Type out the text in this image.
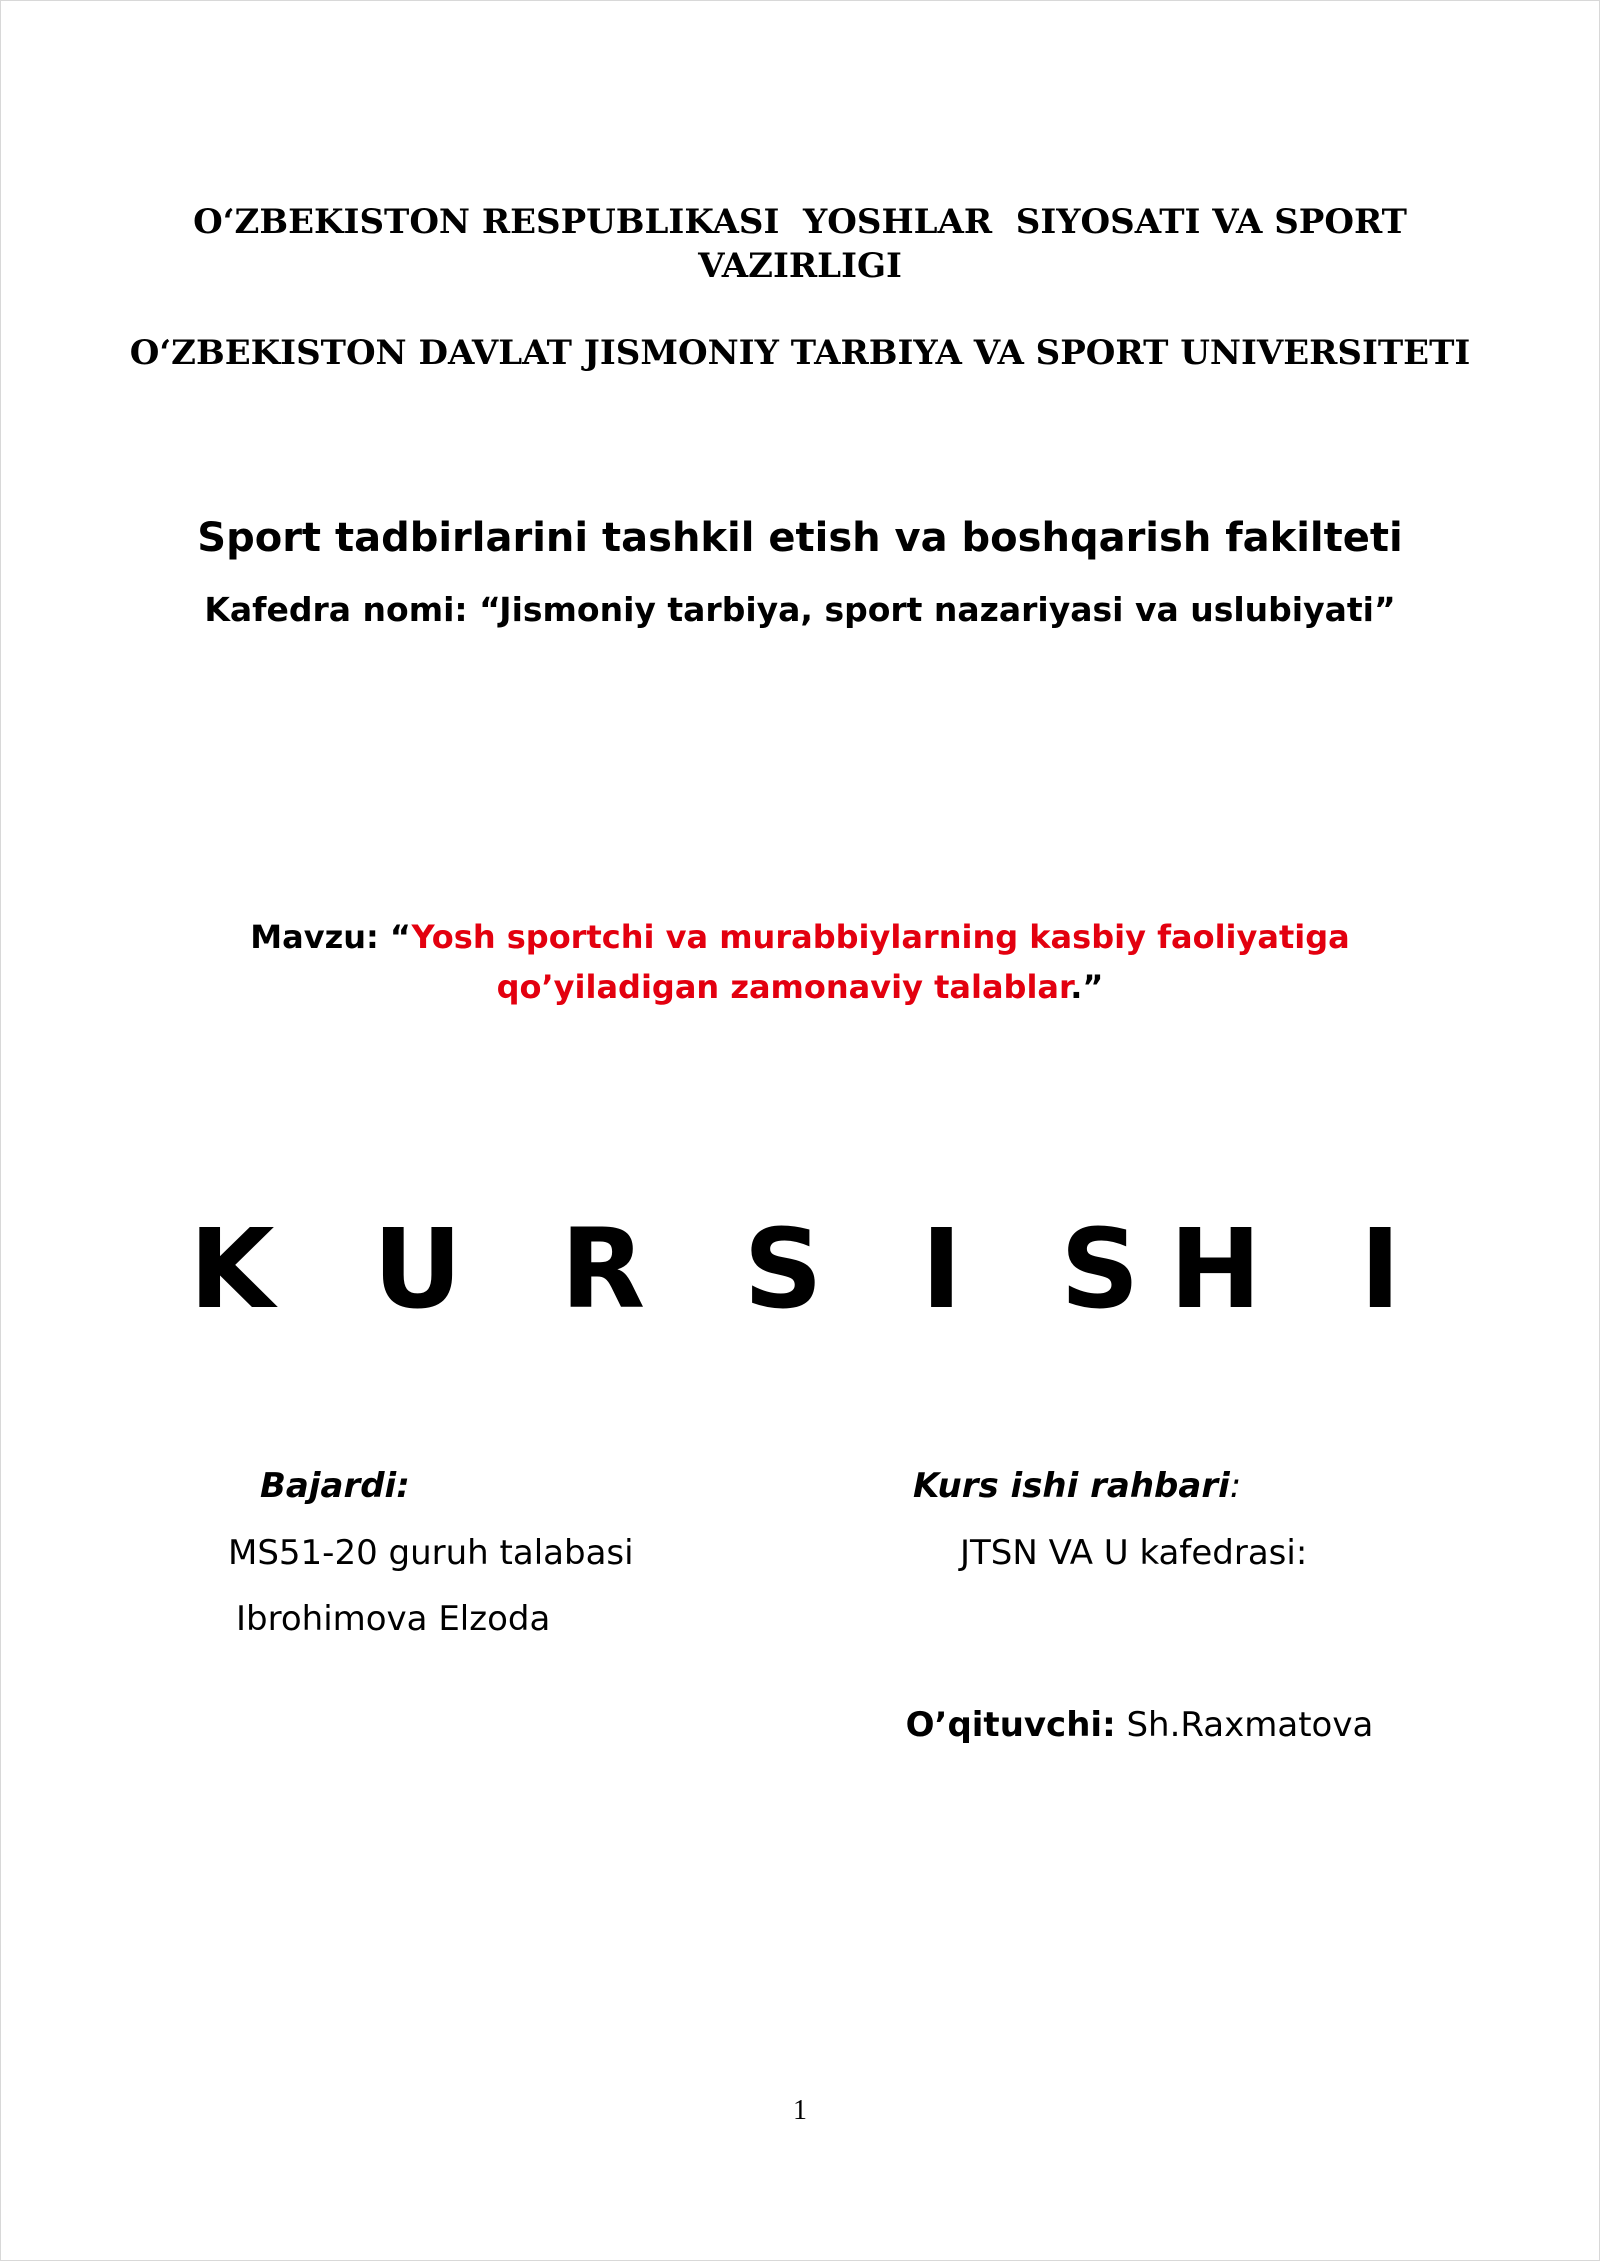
O‘ZBEKISTON RESPUBLIKASI  YOSHLAR  SIYOSATI VA SPORT
VAZIRLIGI
O‘ZBEKISTON DAVLAT JISMONIY TARBIYA VA SPORT UNIVERSITETI
Sport tadbirlarini tashkil etish va boshqarish fakilteti
Kafedra nomi: “Jismoniy tarbiya, sport nazariyasi va uslubiyati”
Mavzu: “Yosh sportchi va murabbiylarning kasbiy faoliyatiga
qo’yiladigan zamonaviy talablar.”
K U R S I SH I
Bajardi:
MS51-20 guruh talabasi
Ibrohimova Elzoda
Kurs ishi rahbari:
JTSN VA U kafedrasi:

O’qituvchi: Sh.Raxmatova

1
